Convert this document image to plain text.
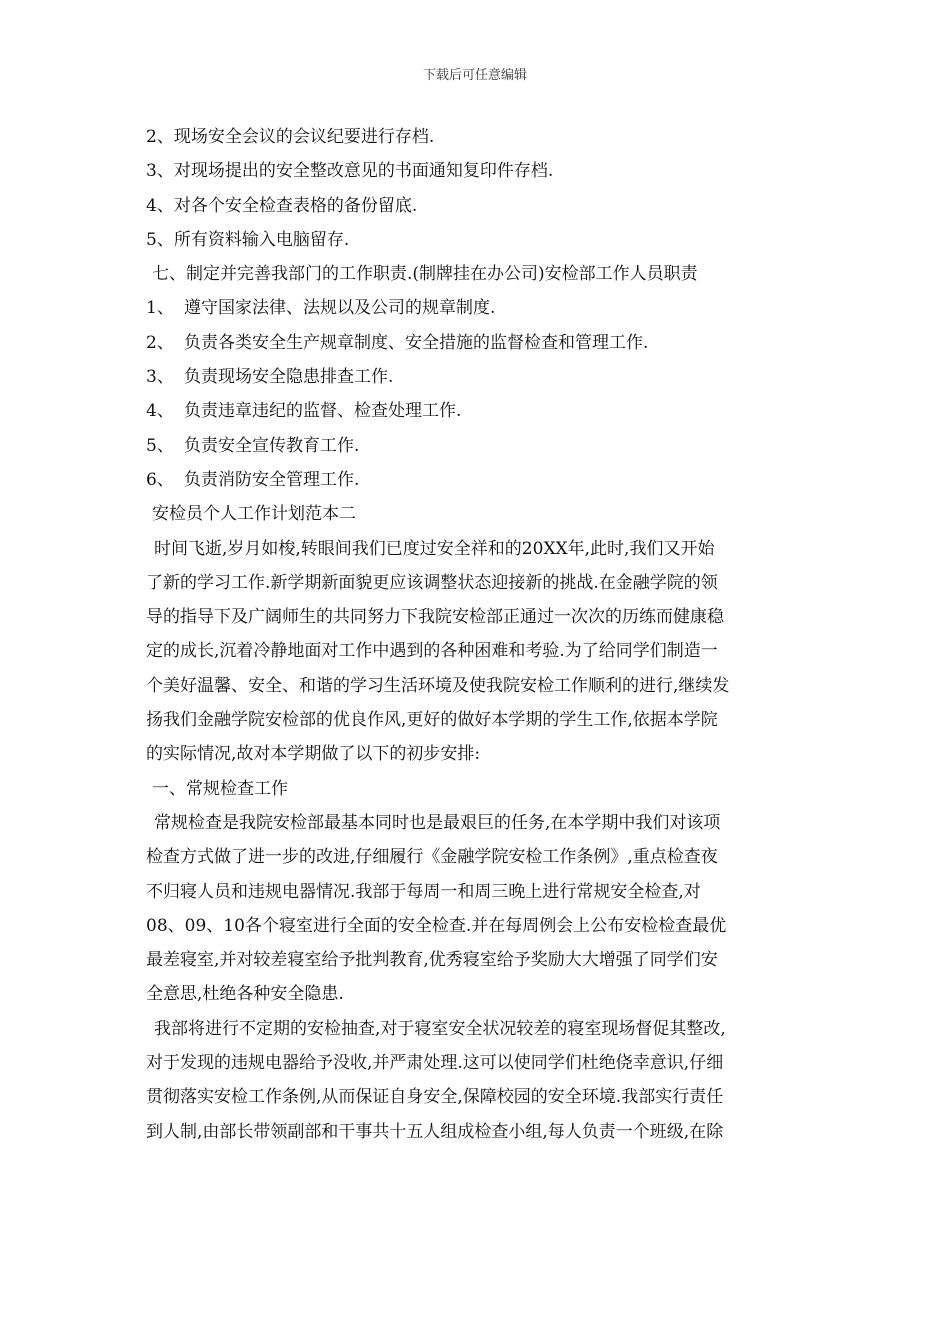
下载后可任意编辑
2、现场安全会议的会议纪要进行存档.
3、对现场提出的安全整改意见的书面通知复印件存档.
4、对各个安全检查表格的备份留底.
5、所有资料输入电脑留存.
七、制定并完善我部门的工作职责.(制牌挂在办公司)安检部工作人员职责
1、 遵守国家法律、法规以及公司的规章制度.
2、 负责各类安全生产规章制度、安全措施的监督检查和管理工作.
3、 负责现场安全隐患排查工作.
4、 负责违章违纪的监督、检查处理工作.
5、 负责安全宣传教育工作.
6、 负责消防安全管理工作.
安检员个人工作计划范本二
时间飞逝,岁月如梭,转眼间我们已度过安全祥和的20XX年,此时,我们又开始
了新的学习工作.新学期新面貌更应该调整状态迎接新的挑战.在金融学院的领
导的指导下及广阔师生的共同努力下我院安检部正通过一次次的历练而健康稳
定的成长,沉着冷静地面对工作中遇到的各种困难和考验.为了给同学们制造一
个美好温馨、安全、和谐的学习生活环境及使我院安检工作顺利的进行,继续发
扬我们金融学院安检部的优良作风,更好的做好本学期的学生工作,依据本学院
的实际情况,故对本学期做了以下的初步安排:
一、常规检查工作
常规检查是我院安检部最基本同时也是最艰巨的任务,在本学期中我们对该项
检查方式做了进一步的改进,仔细履行《金融学院安检工作条例》,重点检查夜
不归寝人员和违规电器情况.我部于每周一和周三晚上进行常规安全检查,对
08、09、10各个寝室进行全面的安全检查.并在每周例会上公布安检检查最优
最差寝室,并对较差寝室给予批判教育,优秀寝室给予奖励大大增强了同学们安
全意思,杜绝各种安全隐患.
我部将进行不定期的安检抽查,对于寝室安全状况较差的寝室现场督促其整改,
对于发现的违规电器给予没收,并严肃处理.这可以使同学们杜绝侥幸意识,仔细
贯彻落实安检工作条例,从而保证自身安全,保障校园的安全环境.我部实行责任
到人制,由部长带领副部和干事共十五人组成检查小组,每人负责一个班级,在除
